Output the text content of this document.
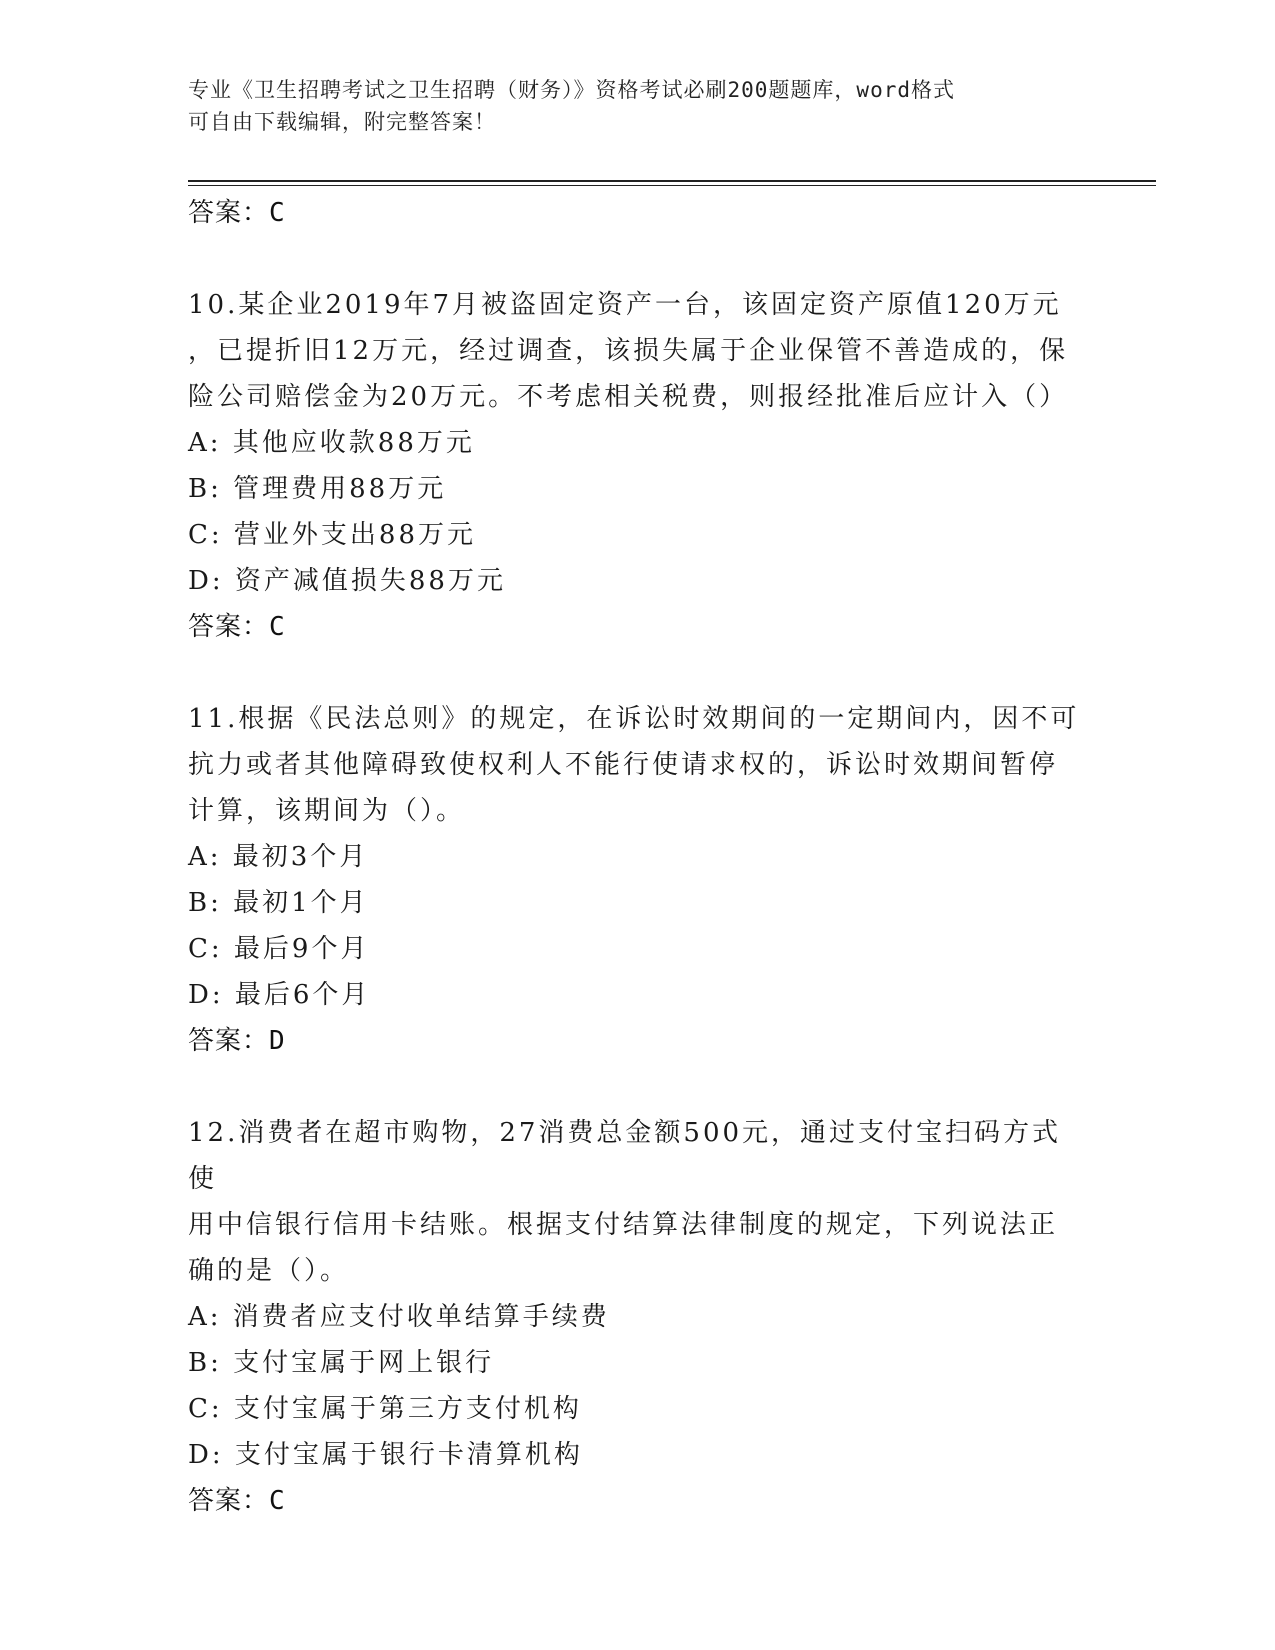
专业《卫生招聘考试之卫生招聘（财务）》资格考试必刷200题题库，word格式
可自由下载编辑，附完整答案！
答案：C
10.某企业2019年7月被盗固定资产一台，该固定资产原值120万元
，已提折旧12万元，经过调查，该损失属于企业保管不善造成的，保
险公司赔偿金为20万元。不考虑相关税费，则报经批准后应计入（）
A: 其他应收款88万元
B: 管理费用88万元
C: 营业外支出88万元
D: 资产减值损失88万元
答案：C
11.根据《民法总则》的规定，在诉讼时效期间的一定期间内，因不可
抗力或者其他障碍致使权利人不能行使请求权的，诉讼时效期间暂停
计算，该期间为（）。
A: 最初3个月
B: 最初1个月
C: 最后9个月
D: 最后6个月
答案：D
12.消费者在超市购物，27消费总金额500元，通过支付宝扫码方式使
用中信银行信用卡结账。根据支付结算法律制度的规定，下列说法正
确的是（）。
A: 消费者应支付收单结算手续费
B: 支付宝属于网上银行
C: 支付宝属于第三方支付机构
D: 支付宝属于银行卡清算机构
答案：C
